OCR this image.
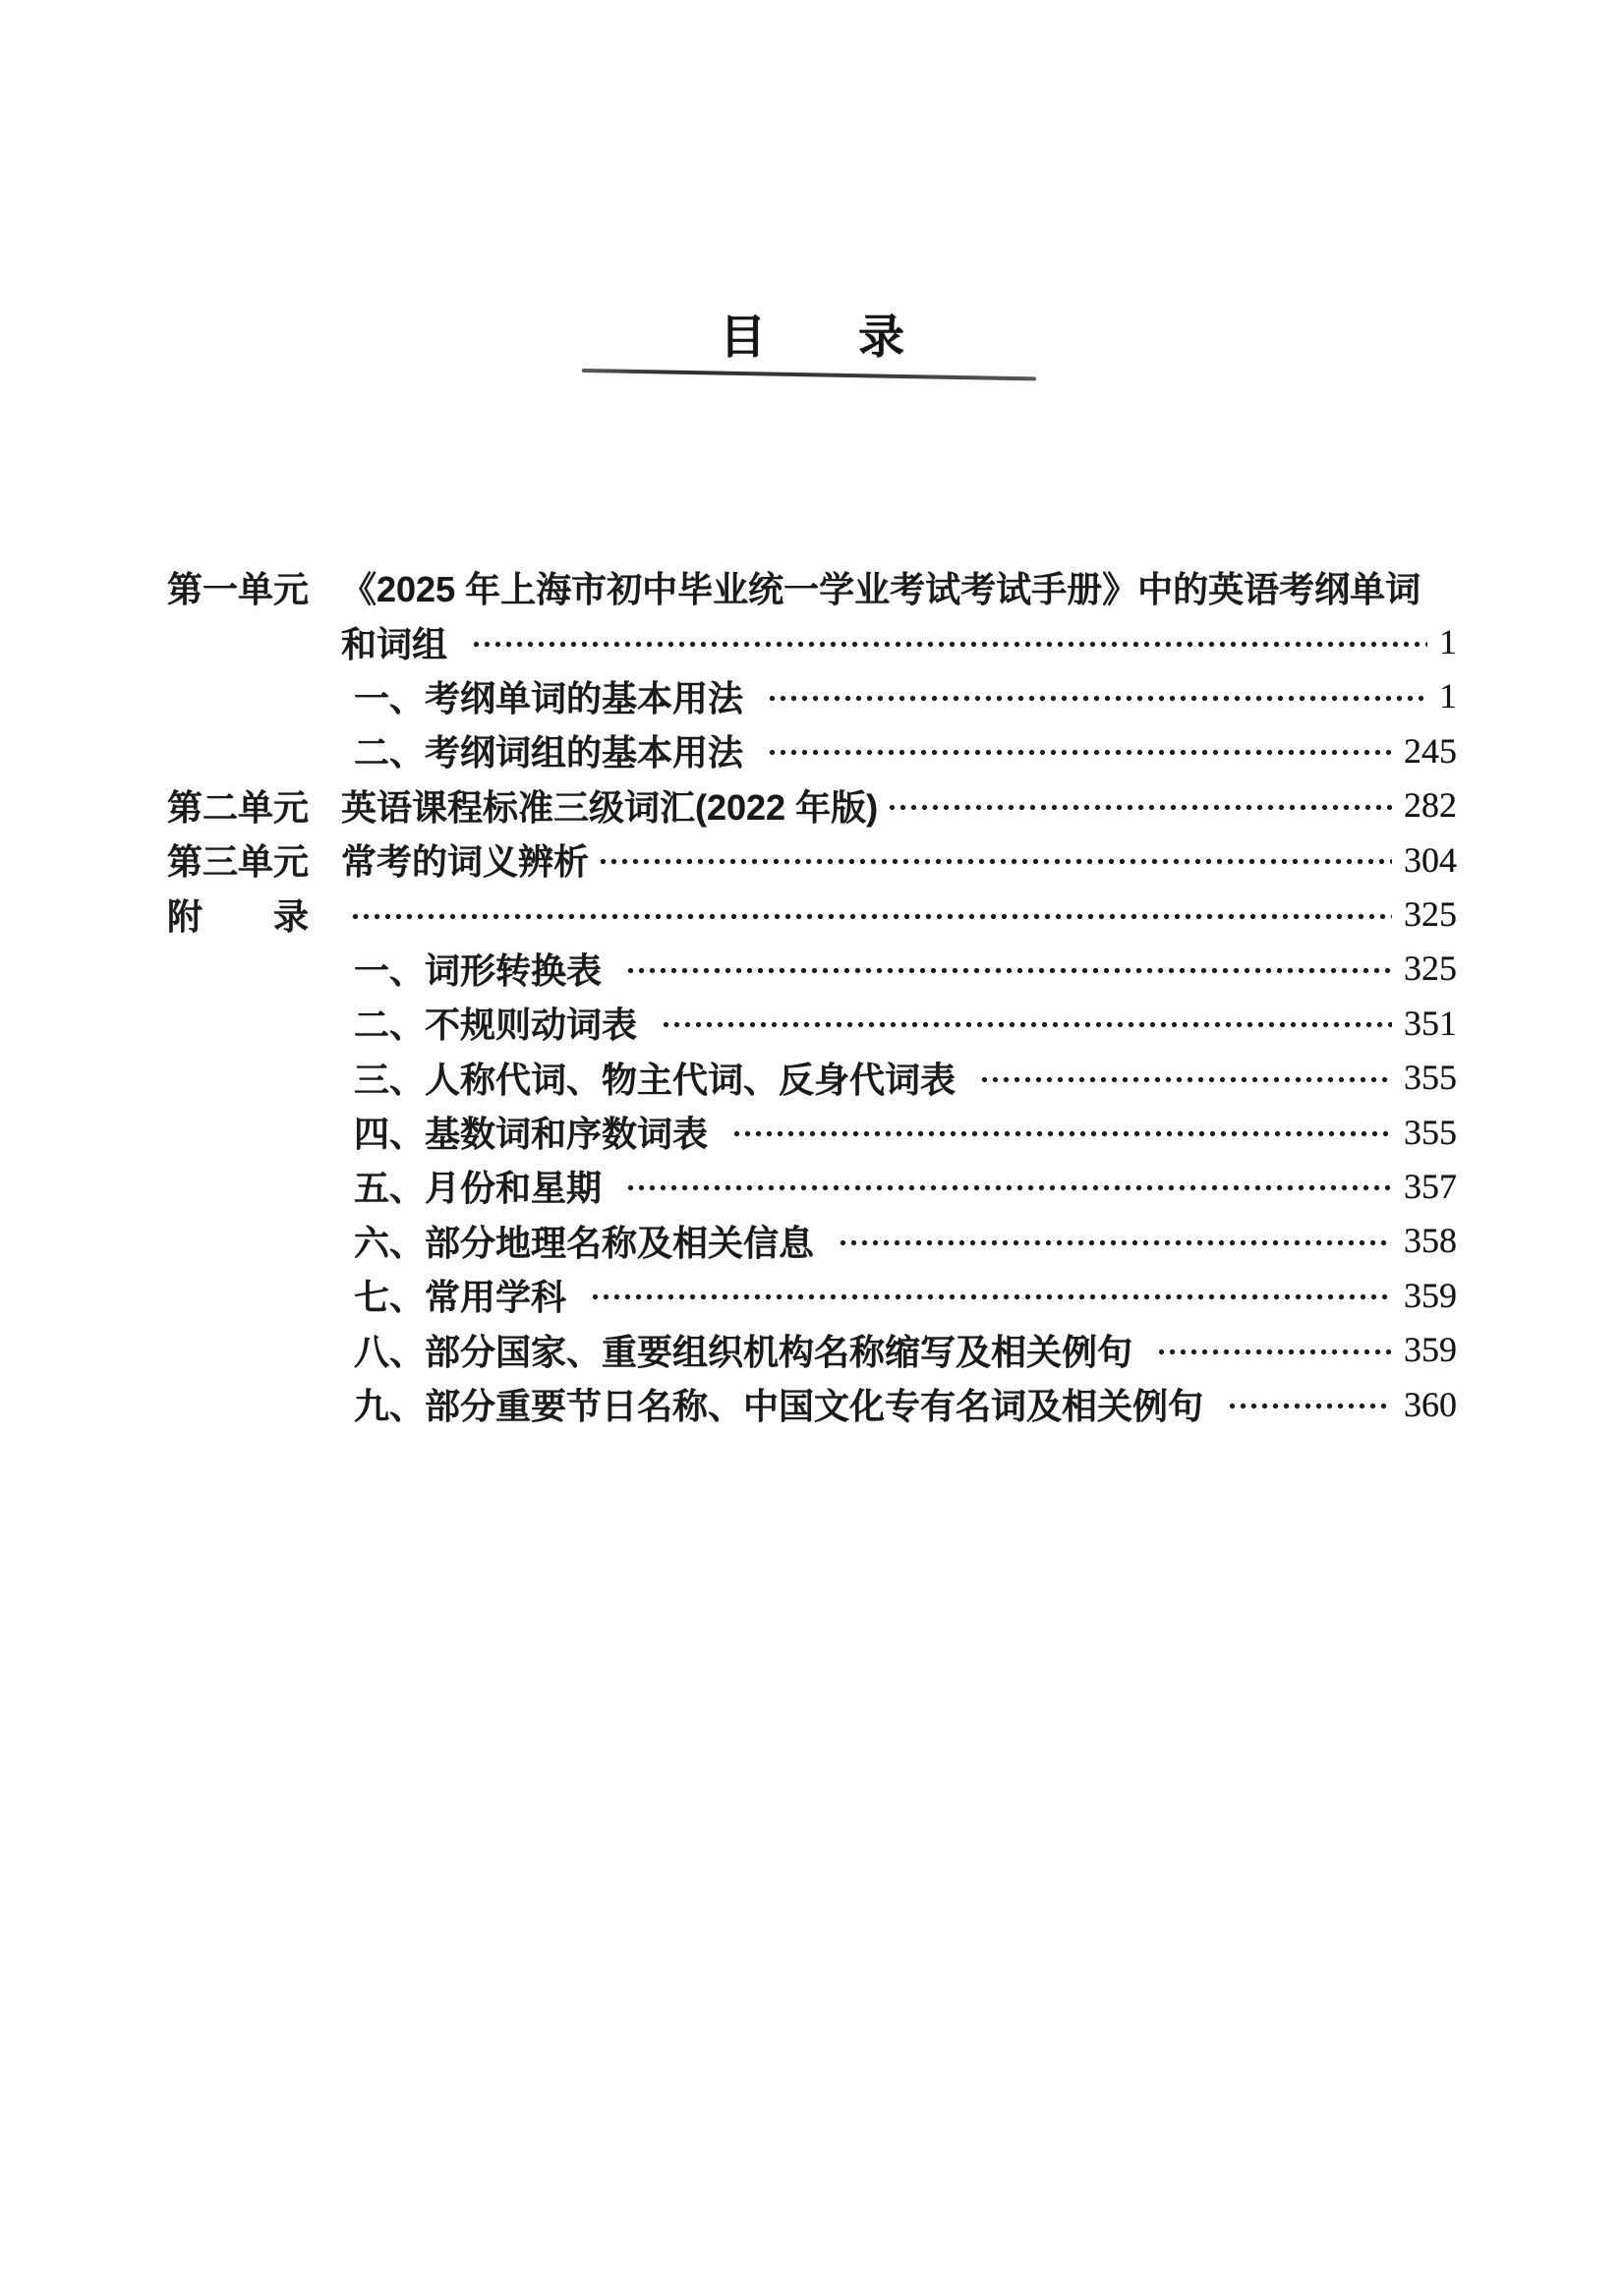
目　　录
第一单元 《2025 年上海市初中毕业统一学业考试考试手册》中的英语考纲单词
和词组	1
一、考纲单词的基本用法	1
二、考纲词组的基本用法	245
第二单元 英语课程标准三级词汇(2022 年版)	282
第三单元 常考的词义辨析	304
附　　录	325
一、词形转换表	325
二、不规则动词表	351
三、人称代词、物主代词、反身代词表	355
四、基数词和序数词表	355
五、月份和星期	357
六、部分地理名称及相关信息	358
七、常用学科	359
八、部分国家、重要组织机构名称缩写及相关例句	359
九、部分重要节日名称、中国文化专有名词及相关例句	360
